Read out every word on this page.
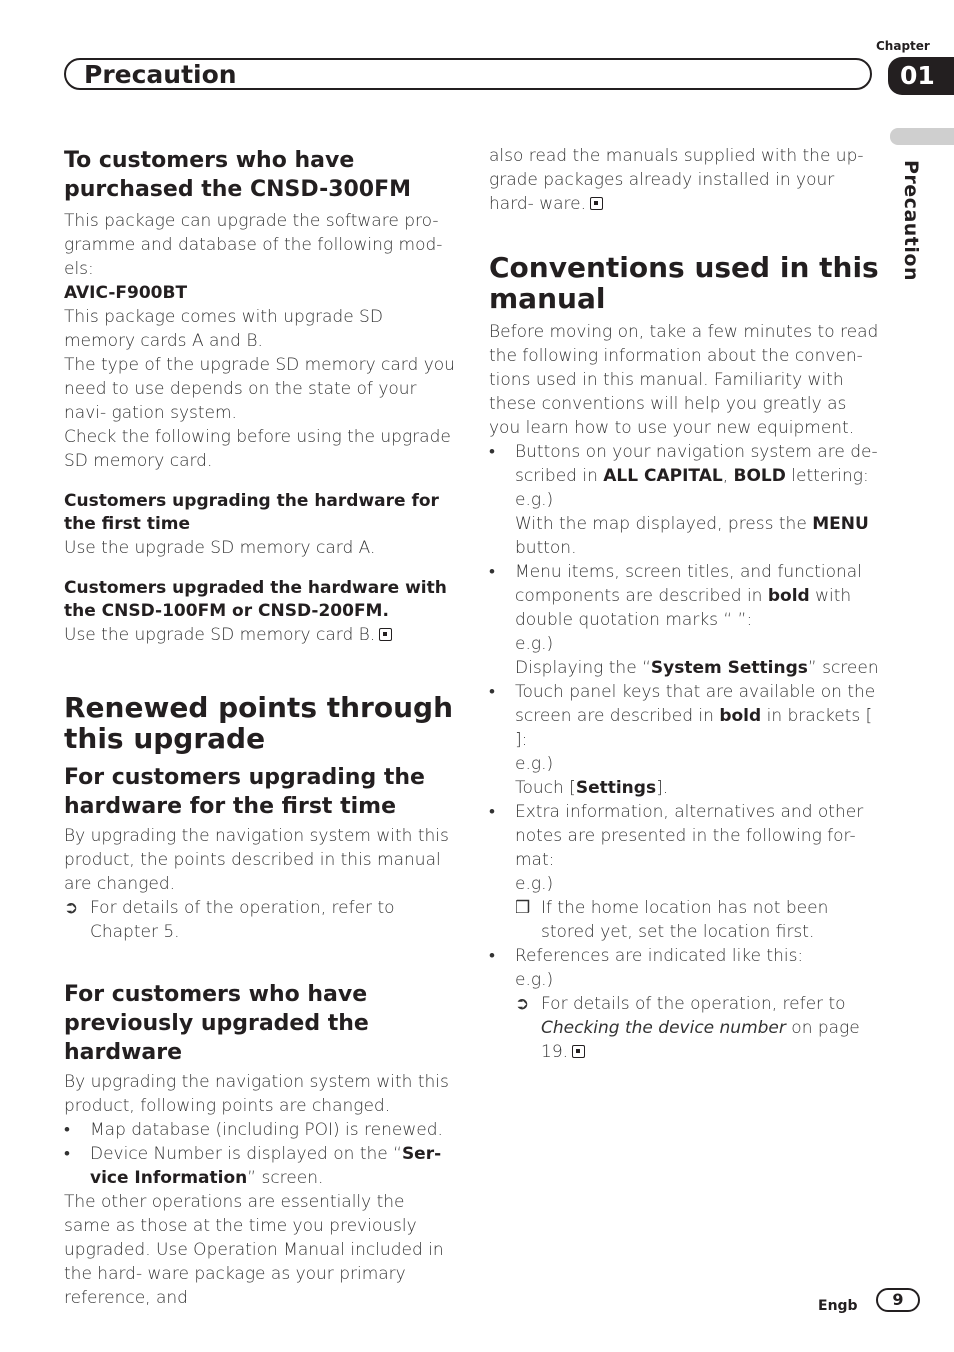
Precaution
Chapter
01
Precaution
To customers who have purchased the CNSD-300FM

This package can upgrade the software pro- gramme and database of the following mod- els:

AVIC-F900BT

This package comes with upgrade SD memory cards A and B.

The type of the upgrade SD memory card you need to use depends on the state of your navi- gation system.

Check the following before using the upgrade SD memory card.

Customers upgrading the hardware for the first time

Use the upgrade SD memory card A.

Customers upgraded the hardware with the CNSD-100FM or CNSD-200FM.

Use the upgrade SD memory card B.

Renewed points through this upgrade
For customers upgrading the hardware for the first time

By upgrading the navigation system with this product, the points described in this manual are changed.

➲ For details of the operation, refer to Chapter 5.

For customers who have previously upgraded the hardware

By upgrading the navigation system with this product, following points are changed.

• Map database (including POI) is renewed.

• Device Number is displayed on the “Ser- vice Information” screen.

The other operations are essentially the same as those at the time you previously upgraded. Use Operation Manual included in the hard- ware package as your primary reference, and

also read the manuals supplied with the up- grade packages already installed in your hard- ware.

Conventions used in this manual

Before moving on, take a few minutes to read the following information about the conven- tions used in this manual. Familiarity with these conventions will help you greatly as you learn how to use your new equipment.

• Buttons on your navigation system are de- scribed in ALL CAPITAL, BOLD lettering:

e.g.)

With the map displayed, press the MENU button.

• Menu items, screen titles, and functional components are described in bold with double quotation marks “ ”:

e.g.)

Displaying the “System Settings” screen

• Touch panel keys that are available on the screen are described in bold in brackets [ ]:

e.g.)

Touch [Settings].

• Extra information, alternatives and other notes are presented in the following for- mat:

e.g.)

❒ If the home location has not been stored yet, set the location first.

• References are indicated like this:

e.g.)

➲ For details of the operation, refer to Checking the device number on page 19.

Engb	9
